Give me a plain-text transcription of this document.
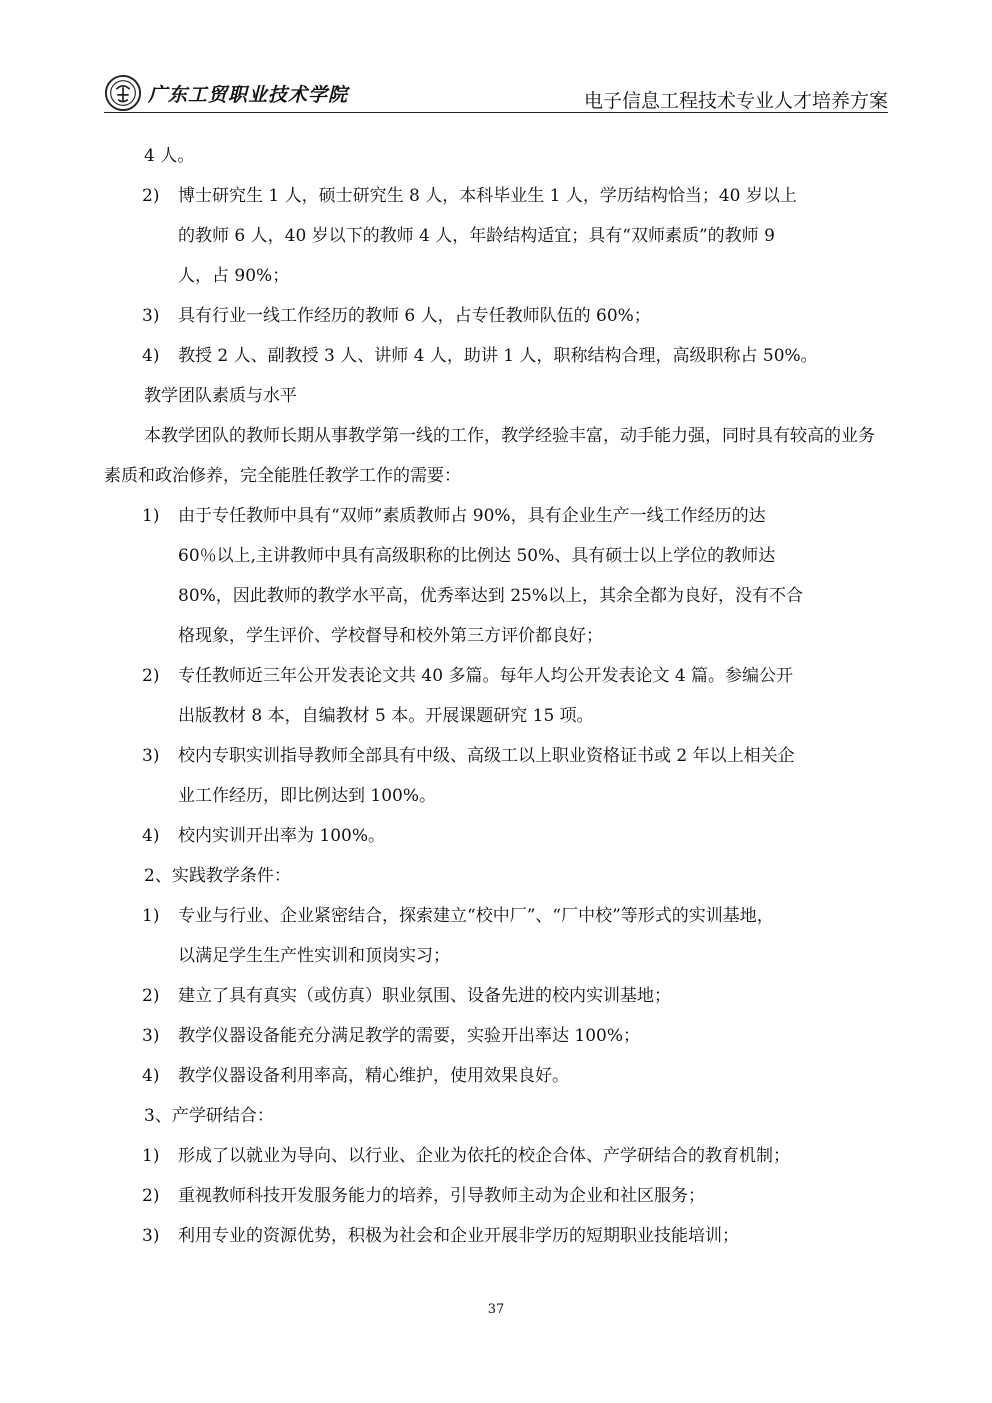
广东工贸职业技术学院	电子信息工程技术专业人才培养方案
4 人。
2) 博士研究生 1 人，硕士研究生 8 人，本科毕业生 1 人，学历结构恰当；40 岁以上
的教师 6 人，40 岁以下的教师 4 人，年龄结构适宜；具有“双师素质”的教师 9
人，占 90%；
3) 具有行业一线工作经历的教师 6 人，占专任教师队伍的 60%；
4) 教授 2 人、副教授 3 人、讲师 4 人，助讲 1 人，职称结构合理，高级职称占 50%。
教学团队素质与水平
本教学团队的教师长期从事教学第一线的工作，教学经验丰富，动手能力强，同时具有较高的业务素质和政治修养，完全能胜任教学工作的需要：
1) 由于专任教师中具有“双师”素质教师占 90%，具有企业生产一线工作经历的达
60％以上,主讲教师中具有高级职称的比例达 50%、具有硕士以上学位的教师达
80%，因此教师的教学水平高，优秀率达到 25%以上，其余全都为良好，没有不合
格现象，学生评价、学校督导和校外第三方评价都良好；
2) 专任教师近三年公开发表论文共 40 多篇。每年人均公开发表论文 4 篇。参编公开
出版教材 8 本，自编教材 5 本。开展课题研究 15 项。
3) 校内专职实训指导教师全部具有中级、高级工以上职业资格证书或 2 年以上相关企
业工作经历，即比例达到 100%。
4) 校内实训开出率为 100%。
2、实践教学条件：
1) 专业与行业、企业紧密结合，探索建立“校中厂”、“厂中校”等形式的实训基地，
以满足学生生产性实训和顶岗实习；
2) 建立了具有真实（或仿真）职业氛围、设备先进的校内实训基地；
3) 教学仪器设备能充分满足教学的需要，实验开出率达 100%；
4) 教学仪器设备利用率高，精心维护，使用效果良好。
3、产学研结合：
1) 形成了以就业为导向、以行业、企业为依托的校企合体、产学研结合的教育机制；
2) 重视教师科技开发服务能力的培养，引导教师主动为企业和社区服务；
3) 利用专业的资源优势，积极为社会和企业开展非学历的短期职业技能培训；
37
